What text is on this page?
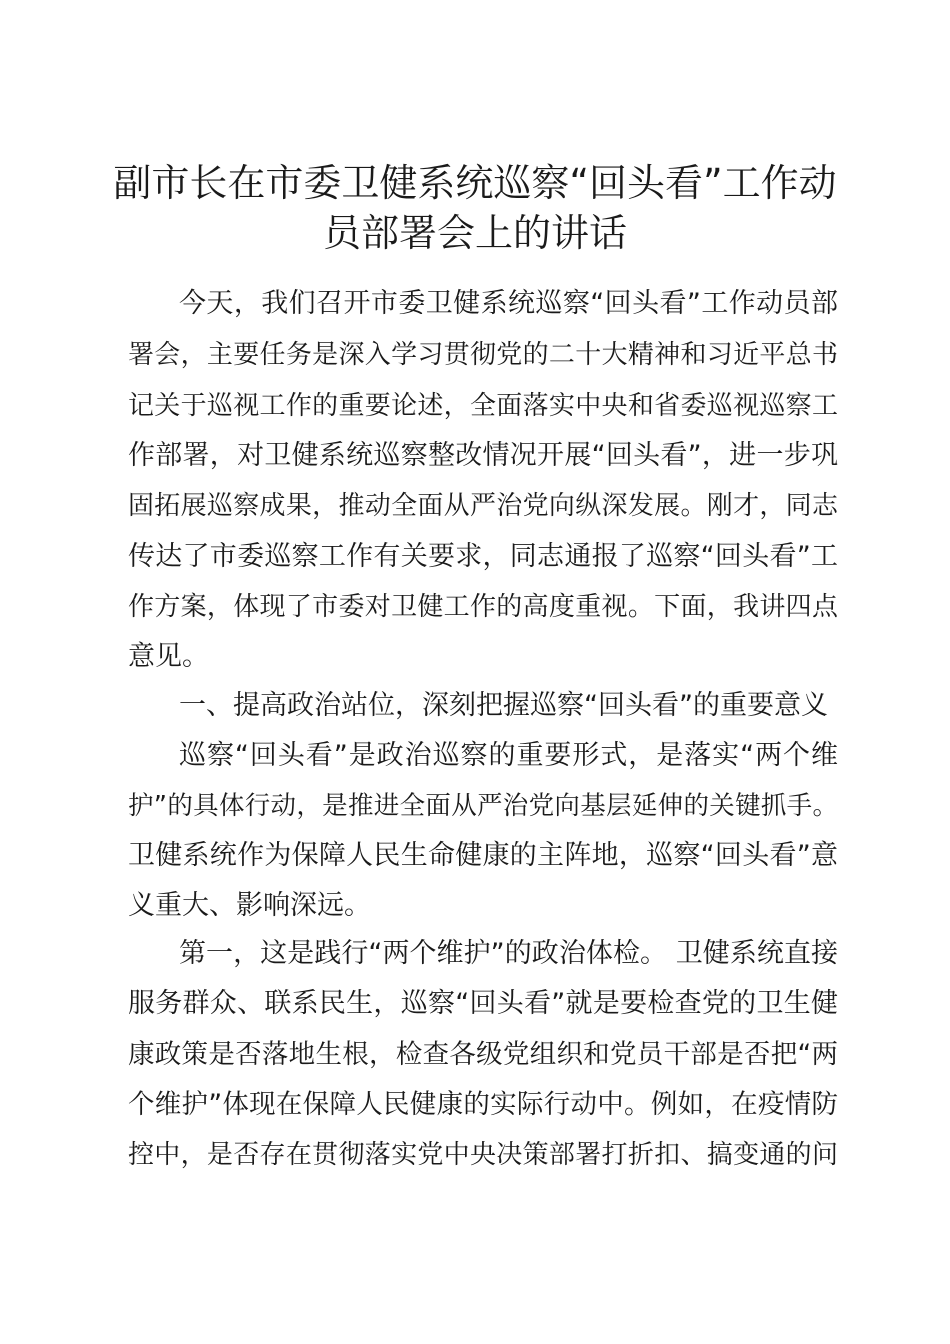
副市长在市委卫健系统巡察“回头看”工作动
员部署会上的讲话
今天，我们召开市委卫健系统巡察“回头看”工作动员部
署会，主要任务是深入学习贯彻党的二十大精神和习近平总书
记关于巡视工作的重要论述，全面落实中央和省委巡视巡察工
作部署，对卫健系统巡察整改情况开展“回头看”，进一步巩
固拓展巡察成果，推动全面从严治党向纵深发展。刚才，同志
传达了市委巡察工作有关要求，同志通报了巡察“回头看”工
作方案，体现了市委对卫健工作的高度重视。下面，我讲四点
意见。
一、提高政治站位，深刻把握巡察“回头看”的重要意义
巡察“回头看”是政治巡察的重要形式，是落实“两个维
护”的具体行动，是推进全面从严治党向基层延伸的关键抓手。
卫健系统作为保障人民生命健康的主阵地，巡察“回头看”意
义重大、影响深远。
第一，这是践行“两个维护”的政治体检。 卫健系统直接
服务群众、联系民生，巡察“回头看”就是要检查党的卫生健
康政策是否落地生根，检查各级党组织和党员干部是否把“两
个维护”体现在保障人民健康的实际行动中。例如，在疫情防
控中，是否存在贯彻落实党中央决策部署打折扣、搞变通的问
